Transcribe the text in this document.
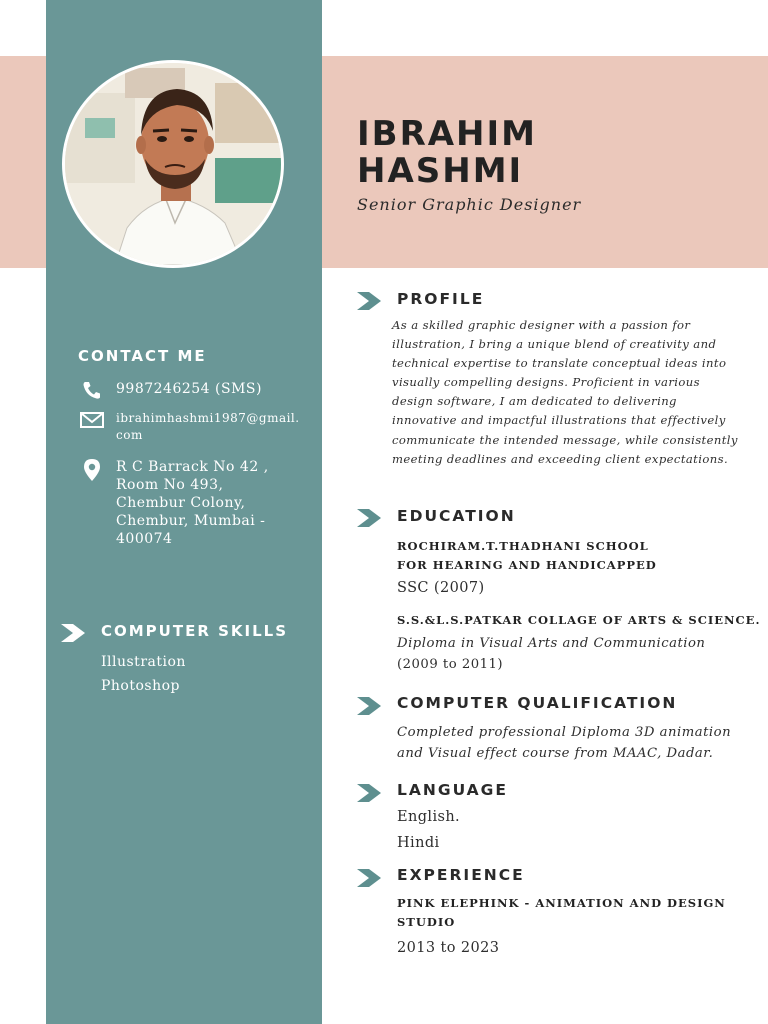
IBRAHIM
HASHMI

Senior Graphic Designer

CONTACT ME
9987246254 (SMS)
ibrahimhashmi1987@gmail.
com
R C Barrack No 42 ,
Room No 493,
Chembur Colony,
Chembur, Mumbai -
400074
COMPUTER SKILLS

Illustration

Photoshop

PROFILE

As a skilled graphic designer with a passion for illustration, I bring a unique blend of creativity and technical expertise to translate conceptual ideas into visually compelling designs. Proficient in various design software, I am dedicated to delivering innovative and impactful illustrations that effectively communicate the intended message, while consistently meeting deadlines and exceeding client expectations.

EDUCATION

ROCHIRAM.T.THADHANI SCHOOL
FOR HEARING AND HANDICAPPED

SSC (2007)

S.S.&L.S.PATKAR COLLAGE OF ARTS & SCIENCE.

Diploma in Visual Arts and Communication
(2009 to 2011)

COMPUTER QUALIFICATION

Completed professional Diploma 3D animation
and Visual effect course from MAAC, Dadar.

LANGUAGE

English.

Hindi

EXPERIENCE

PINK ELEPHINK - ANIMATION AND DESIGN
STUDIO

2013 to 2023
